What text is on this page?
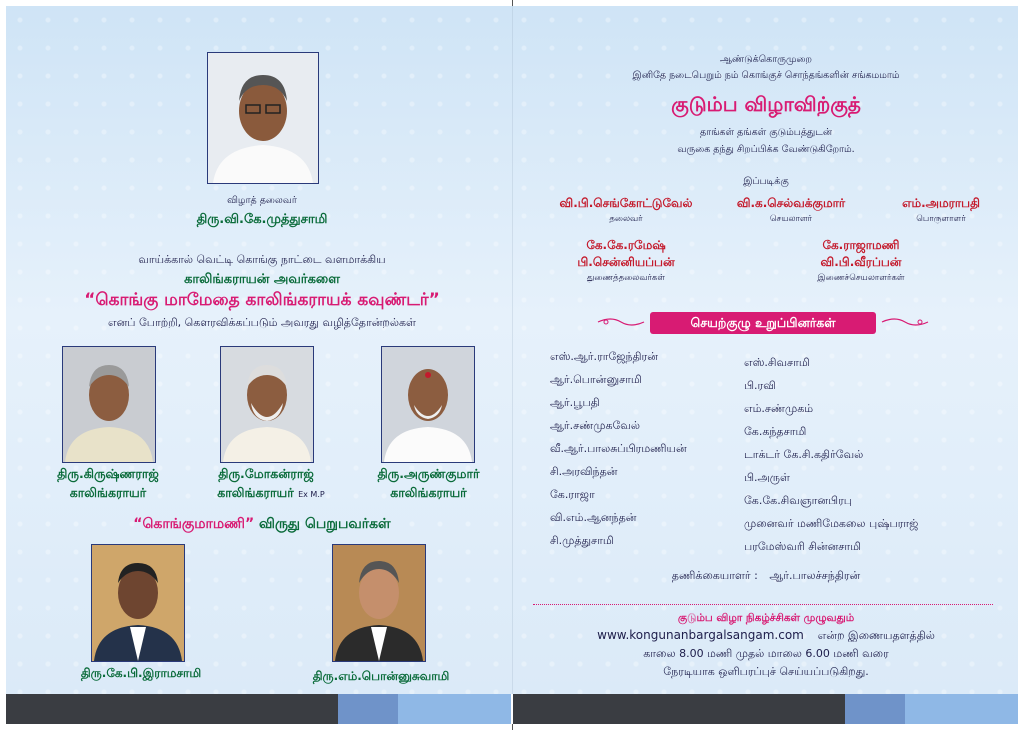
விழாத் தலைவர்
திரு.வி.கே.முத்துசாமி
வாய்க்கால் வெட்டி கொங்கு நாட்டை வளமாக்கிய
காலிங்கராயன் அவர்களை
“கொங்கு மாமேதை காலிங்கராயக் கவுண்டர்”
எனப் போற்றி, கௌரவிக்கப்படும் அவரது வழித்தோன்றல்கள்
திரு.கிருஷ்ணராஜ்
காலிங்கராயர்
திரு.மோகன்ராஜ்
காலிங்கராயர் Ex M.P
திரு.அருண்குமார்
காலிங்கராயர்
“கொங்குமாமணி” விருது பெறுபவர்கள்
திரு.கே.பி.இராமசாமி	திரு.எம்.பொன்னுசுவாமி
ஆண்டுக்கொருமுறை
இனிதே நடைபெறும் நம் கொங்குச் சொந்தங்களின் சங்கமமாம்
குடும்ப விழாவிற்குத்
தாங்கள் தங்கள் குடும்பத்துடன்
வருகை தந்து சிறப்பிக்க வேண்டுகிறோம்.
இப்படிக்கு
வி.பி.செங்கோட்டுவேல்
தலைவர்
வி.க.செல்வக்குமார்
செயலாளர்
எம்.அமராபதி
பொருளாளர்
கே.கே.ரமேஷ்
பி.சென்னியப்பன்
துணைத்தலைவர்கள்
கே.ராஜாமணி
வி.பி.வீரப்பன்
இணைச்செயலாளர்கள்
செயற்குழு உறுப்பினர்கள்
எஸ்.ஆர்.ராஜேந்திரன்
ஆர்.பொன்னுசாமி
ஆர்.பூபதி
ஆர்.சண்முகவேல்
வீ.ஆர்.பாலசுப்பிரமணியன்
சி.அரவிந்தன்
கே.ராஜா
வி.எம்.ஆனந்தன்
சி.முத்துசாமி
எஸ்.சிவசாமி
பி.ரவி
எம்.சண்முகம்
கே.கந்தசாமி
டாக்டர் கே.சி.கதிர்வேல்
பி.அருள்
கே.கே.சிவஞானபிரபு
முனைவர் மணிமேகலை புஷ்பராஜ்
பரமேஸ்வரி சின்னசாமி
தணிக்கையாளர் : ஆர்.பாலச்சந்திரன்
குடும்ப விழா நிகழ்ச்சிகள் முழுவதும்
www.kongunanbargalsangam.com என்ற இணையதளத்தில்
காலை 8.00 மணி முதல் மாலை 6.00 மணி வரை
நேரடியாக ஒளிபரப்புச் செய்யப்படுகிறது.
